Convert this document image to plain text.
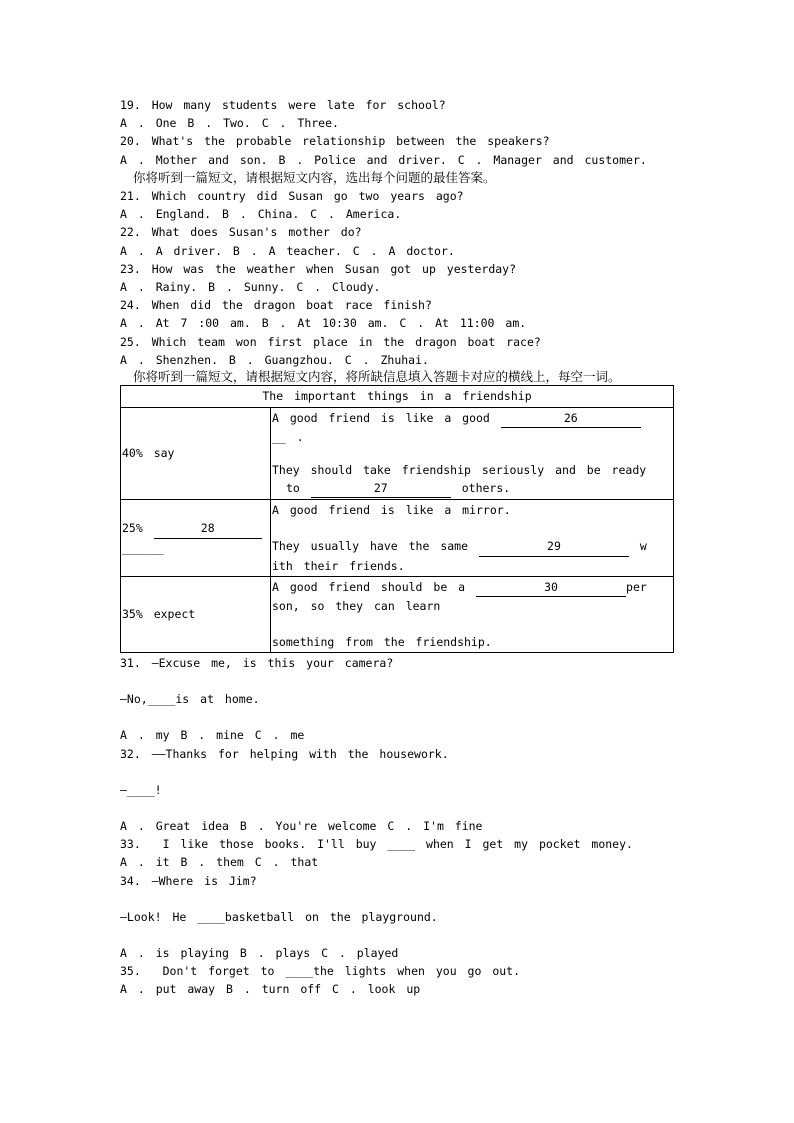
19. How many students were late for school?
A . One B . Two. C . Three.
20. What's the probable relationship between the speakers?
A . Mother and son. B . Police and driver. C . Manager and customer.
你将听到一篇短文，请根据短文内容，选出每个问题的最佳答案。
21. Which country did Susan go two years ago?
A . England. B . China. C . America.
22. What does Susan's mother do?
A . A driver. B . A teacher. C . A doctor.
23. How was the weather when Susan got up yesterday?
A . Rainy. B . Sunny. C . Cloudy.
24. When did the dragon boat race finish?
A . At 7 :00 am. B . At 10:30 am. C . At 11:00 am.
25. Which team won first place in the dragon boat race?
A . Shenzhen. B . Guangzhou. C . Zhuhai.
你将听到一篇短文，请根据短文内容，将所缺信息填入答题卡对应的横线上，每空一词。
The important things in a friendship	
40% say	A good friend is like a good 26
__ .

They should take friendship seriously and be ready
to 27 others.
25% 28
______	A good friend is like a mirror.

They usually have the same 29 w
ith their friends.
35% expect	A good friend should be a 30 per
son, so they can learn

something from the friendship.
31. —Excuse me, is this your camera?
—No,____is at home.
A . my B . mine C . me
32. ——Thanks for helping with the housework.
—____!
A . Great idea B . You're welcome C . I'm fine
33.  I like those books. I'll buy ____ when I get my pocket money.
A . it B . them C . that
34. —Where is Jim?
—Look! He ____basketball on the playground.
A . is playing B . plays C . played
35.  Don't forget to ____the lights when you go out.
A . put away B . turn off C . look up
